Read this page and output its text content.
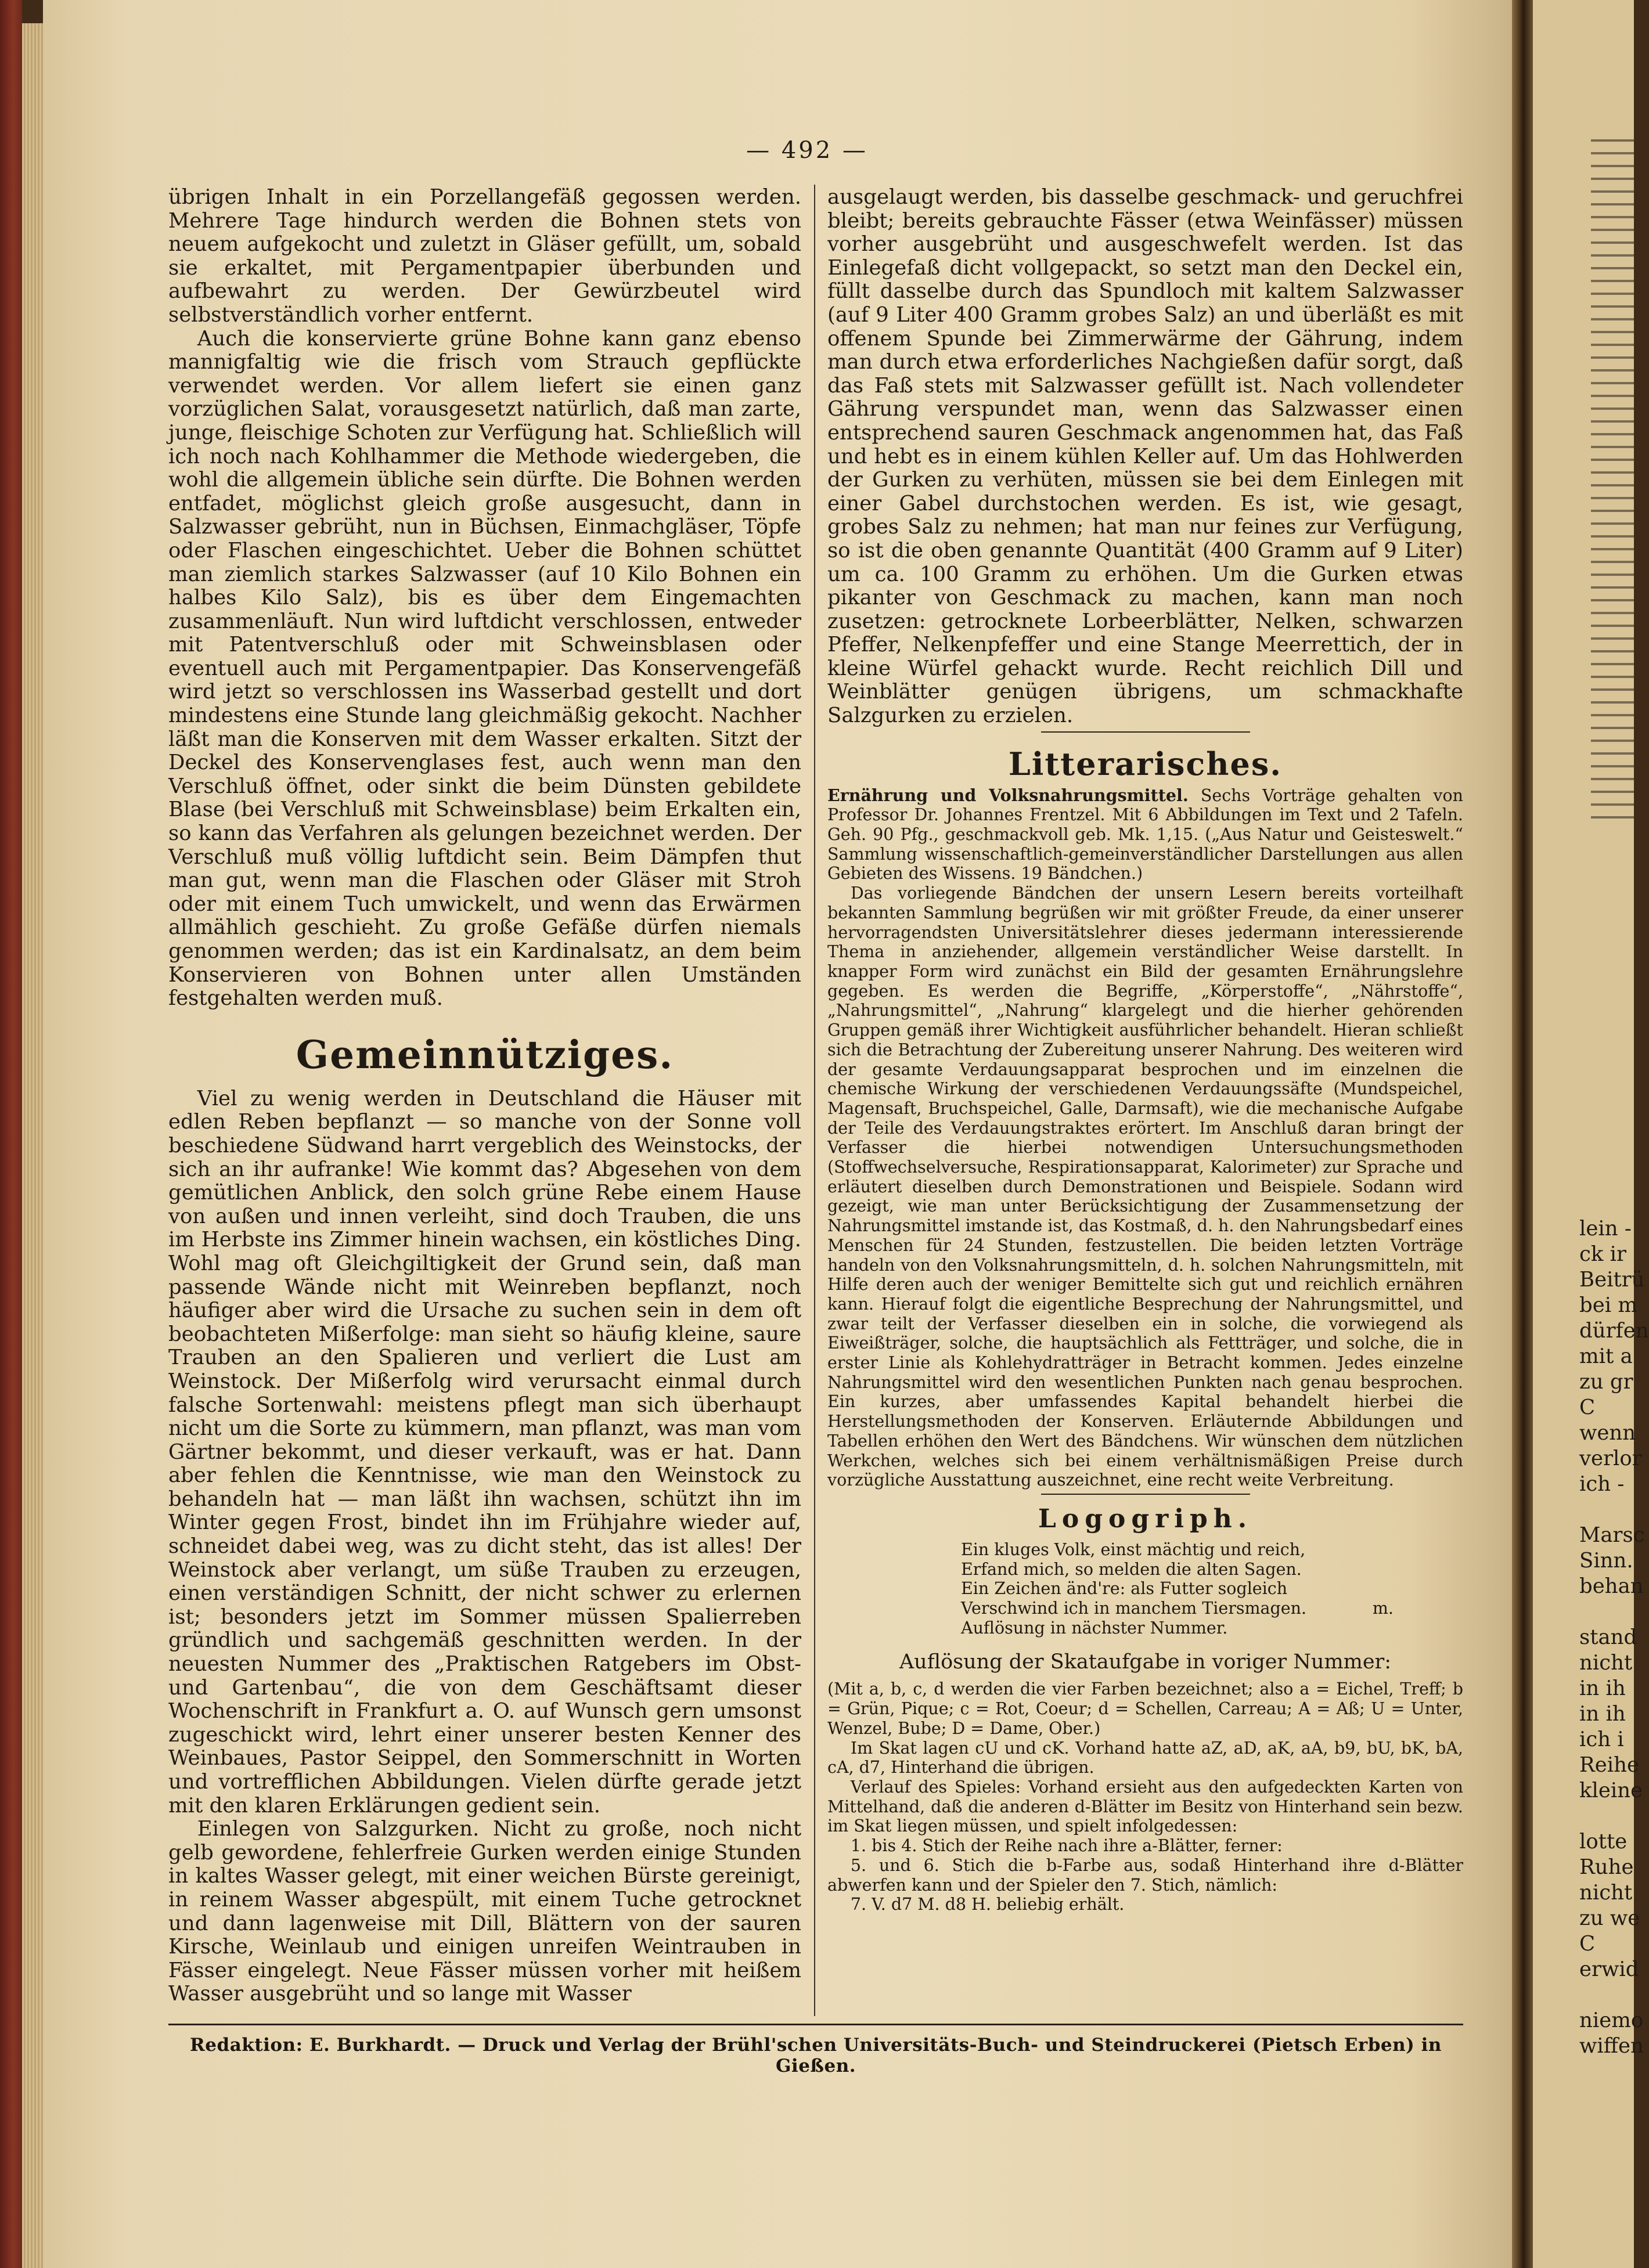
— 492 —

übrigen Inhalt in ein Porzellangefäß gegossen werden. Mehrere Tage hindurch werden die Bohnen stets von neuem aufgekocht und zuletzt in Gläser gefüllt, um, sobald sie erkaltet, mit Pergamentpapier überbunden und aufbewahrt zu werden. Der Gewürzbeutel wird selbstverständlich vorher entfernt.

Auch die konservierte grüne Bohne kann ganz ebenso mannigfaltig wie die frisch vom Strauch gepflückte verwendet werden. Vor allem liefert sie einen ganz vorzüglichen Salat, vorausgesetzt natürlich, daß man zarte, junge, fleischige Schoten zur Verfügung hat. Schließlich will ich noch nach Kohlhammer die Methode wiedergeben, die wohl die allgemein übliche sein dürfte. Die Bohnen werden entfadet, möglichst gleich große ausgesucht, dann in Salzwasser gebrüht, nun in Büchsen, Einmachgläser, Töpfe oder Flaschen eingeschichtet. Ueber die Bohnen schüttet man ziemlich starkes Salzwasser (auf 10 Kilo Bohnen ein halbes Kilo Salz), bis es über dem Eingemachten zusammenläuft. Nun wird luftdicht verschlossen, entweder mit Patentverschluß oder mit Schweinsblasen oder eventuell auch mit Pergamentpapier. Das Konservengefäß wird jetzt so verschlossen ins Wasserbad gestellt und dort mindestens eine Stunde lang gleichmäßig gekocht. Nachher läßt man die Konserven mit dem Wasser erkalten. Sitzt der Deckel des Konservenglases fest, auch wenn man den Verschluß öffnet, oder sinkt die beim Dünsten gebildete Blase (bei Verschluß mit Schweinsblase) beim Erkalten ein, so kann das Verfahren als gelungen bezeichnet werden. Der Verschluß muß völlig luftdicht sein. Beim Dämpfen thut man gut, wenn man die Flaschen oder Gläser mit Stroh oder mit einem Tuch umwickelt, und wenn das Erwärmen allmählich geschieht. Zu große Gefäße dürfen niemals genommen werden; das ist ein Kardinalsatz, an dem beim Konservieren von Bohnen unter allen Umständen festgehalten werden muß.

Gemeinnütziges.

Viel zu wenig werden in Deutschland die Häuser mit edlen Reben bepflanzt — so manche von der Sonne voll beschiedene Südwand harrt vergeblich des Weinstocks, der sich an ihr aufranke! Wie kommt das? Abgesehen von dem gemütlichen Anblick, den solch grüne Rebe einem Hause von außen und innen verleiht, sind doch Trauben, die uns im Herbste ins Zimmer hinein wachsen, ein köstliches Ding. Wohl mag oft Gleichgiltigkeit der Grund sein, daß man passende Wände nicht mit Weinreben bepflanzt, noch häufiger aber wird die Ursache zu suchen sein in dem oft beobachteten Mißerfolge: man sieht so häufig kleine, saure Trauben an den Spalieren und verliert die Lust am Weinstock. Der Mißerfolg wird verursacht einmal durch falsche Sortenwahl: meistens pflegt man sich überhaupt nicht um die Sorte zu kümmern, man pflanzt, was man vom Gärtner bekommt, und dieser verkauft, was er hat. Dann aber fehlen die Kenntnisse, wie man den Weinstock zu behandeln hat — man läßt ihn wachsen, schützt ihn im Winter gegen Frost, bindet ihn im Frühjahre wieder auf, schneidet dabei weg, was zu dicht steht, das ist alles! Der Weinstock aber verlangt, um süße Trauben zu erzeugen, einen verständigen Schnitt, der nicht schwer zu erlernen ist; besonders jetzt im Sommer müssen Spalierreben gründlich und sachgemäß geschnitten werden. In der neuesten Nummer des „Praktischen Ratgebers im Obst- und Gartenbau“, die von dem Geschäftsamt dieser Wochenschrift in Frankfurt a. O. auf Wunsch gern umsonst zugeschickt wird, lehrt einer unserer besten Kenner des Weinbaues, Pastor Seippel, den Sommerschnitt in Worten und vortrefflichen Abbildungen. Vielen dürfte gerade jetzt mit den klaren Erklärungen gedient sein.

Einlegen von Salzgurken. Nicht zu große, noch nicht gelb gewordene, fehlerfreie Gurken werden einige Stunden in kaltes Wasser gelegt, mit einer weichen Bürste gereinigt, in reinem Wasser abgespült, mit einem Tuche getrocknet und dann lagenweise mit Dill, Blättern von der sauren Kirsche, Weinlaub und einigen unreifen Weintrauben in Fässer eingelegt. Neue Fässer müssen vorher mit heißem Wasser ausgebrüht und so lange mit Wasser

ausgelaugt werden, bis dasselbe geschmack- und geruchfrei bleibt; bereits gebrauchte Fässer (etwa Weinfässer) müssen vorher ausgebrüht und ausgeschwefelt werden. Ist das Einlegefaß dicht vollgepackt, so setzt man den Deckel ein, füllt dasselbe durch das Spundloch mit kaltem Salzwasser (auf 9 Liter 400 Gramm grobes Salz) an und überläßt es mit offenem Spunde bei Zimmerwärme der Gährung, indem man durch etwa erforderliches Nachgießen dafür sorgt, daß das Faß stets mit Salzwasser gefüllt ist. Nach vollendeter Gährung verspundet man, wenn das Salzwasser einen entsprechend sauren Geschmack angenommen hat, das Faß und hebt es in einem kühlen Keller auf. Um das Hohlwerden der Gurken zu verhüten, müssen sie bei dem Einlegen mit einer Gabel durchstochen werden. Es ist, wie gesagt, grobes Salz zu nehmen; hat man nur feines zur Verfügung, so ist die oben genannte Quantität (400 Gramm auf 9 Liter) um ca. 100 Gramm zu erhöhen. Um die Gurken etwas pikanter von Geschmack zu machen, kann man noch zusetzen: getrocknete Lorbeerblätter, Nelken, schwarzen Pfeffer, Nelkenpfeffer und eine Stange Meerrettich, der in kleine Würfel gehackt wurde. Recht reichlich Dill und Weinblätter genügen übrigens, um schmackhafte Salzgurken zu erzielen.

Litterarisches.

Ernährung und Volksnahrungsmittel. Sechs Vorträge gehalten von Professor Dr. Johannes Frentzel. Mit 6 Abbildungen im Text und 2 Tafeln. Geh. 90 Pfg., geschmackvoll geb. Mk. 1,15. („Aus Natur und Geisteswelt.“ Sammlung wissenschaftlich-gemeinverständlicher Darstellungen aus allen Gebieten des Wissens. 19 Bändchen.)

Das vorliegende Bändchen der unsern Lesern bereits vorteilhaft bekannten Sammlung begrüßen wir mit größter Freude, da einer unserer hervorragendsten Universitätslehrer dieses jedermann interessierende Thema in anziehender, allgemein verständlicher Weise darstellt. In knapper Form wird zunächst ein Bild der gesamten Ernährungslehre gegeben. Es werden die Begriffe, „Körperstoffe“, „Nährstoffe“, „Nahrungsmittel“, „Nahrung“ klargelegt und die hierher gehörenden Gruppen gemäß ihrer Wichtigkeit ausführlicher behandelt. Hieran schließt sich die Betrachtung der Zubereitung unserer Nahrung. Des weiteren wird der gesamte Verdauungsapparat besprochen und im einzelnen die chemische Wirkung der verschiedenen Verdauungssäfte (Mundspeichel, Magensaft, Bruchspeichel, Galle, Darmsaft), wie die mechanische Aufgabe der Teile des Verdauungstraktes erörtert. Im Anschluß daran bringt der Verfasser die hierbei notwendigen Untersuchungsmethoden (Stoffwechselversuche, Respirationsapparat, Kalorimeter) zur Sprache und erläutert dieselben durch Demonstrationen und Beispiele. Sodann wird gezeigt, wie man unter Berücksichtigung der Zusammensetzung der Nahrungsmittel imstande ist, das Kostmaß, d. h. den Nahrungsbedarf eines Menschen für 24 Stunden, festzustellen. Die beiden letzten Vorträge handeln von den Volksnahrungsmitteln, d. h. solchen Nahrungsmitteln, mit Hilfe deren auch der weniger Bemittelte sich gut und reichlich ernähren kann. Hierauf folgt die eigentliche Besprechung der Nahrungsmittel, und zwar teilt der Verfasser dieselben ein in solche, die vorwiegend als Eiweißträger, solche, die hauptsächlich als Fettträger, und solche, die in erster Linie als Kohlehydratträger in Betracht kommen. Jedes einzelne Nahrungsmittel wird den wesentlichen Punkten nach genau besprochen. Ein kurzes, aber umfassendes Kapital behandelt hierbei die Herstellungsmethoden der Konserven. Erläuternde Abbildungen und Tabellen erhöhen den Wert des Bändchens. Wir wünschen dem nützlichen Werkchen, welches sich bei einem verhältnismäßigen Preise durch vorzügliche Ausstattung auszeichnet, eine recht weite Verbreitung.

Logogriph.
Ein kluges Volk, einst mächtig und reich,
Erfand mich, so melden die alten Sagen.
Ein Zeichen änd're: als Futter sogleich
Verschwind ich in manchem Tiersmagen.	m.
Auflösung in nächster Nummer.
Auflösung der Skataufgabe in voriger Nummer:

(Mit a, b, c, d werden die vier Farben bezeichnet; also a = Eichel, Treff; b = Grün, Pique; c = Rot, Coeur; d = Schellen, Carreau; A = Aß; U = Unter, Wenzel, Bube; D = Dame, Ober.)

Im Skat lagen cU und cK. Vorhand hatte aZ, aD, aK, aA, b9, bU, bK, bA, cA, d7, Hinterhand die übrigen.

Verlauf des Spieles: Vorhand ersieht aus den aufgedeckten Karten von Mittelhand, daß die anderen d-Blätter im Besitz von Hinterhand sein bezw. im Skat liegen müssen, und spielt infolgedessen:

1. bis 4. Stich der Reihe nach ihre a-Blätter, ferner:

5. und 6. Stich die b-Farbe aus, sodaß Hinterhand ihre d-Blätter abwerfen kann und der Spieler den 7. Stich, nämlich:

7. V. d7 M. d8 H. beliebig erhält.

Redaktion: E. Burkhardt. — Druck und Verlag der Brühl'schen Universitäts-Buch- und Steindruckerei (Pietsch Erben) in Gießen.
lein -
ck ir
Beitrü
bei m
dürfen
mit a
zu gr
C
wenn
verlor
ich -

Marsc
Sinn.
behan

stand
nicht
in ih
in ih
ich i
Reihe
kleine

lotte
Ruhe
nicht
zu we
C
erwid

niemo
wiffen
